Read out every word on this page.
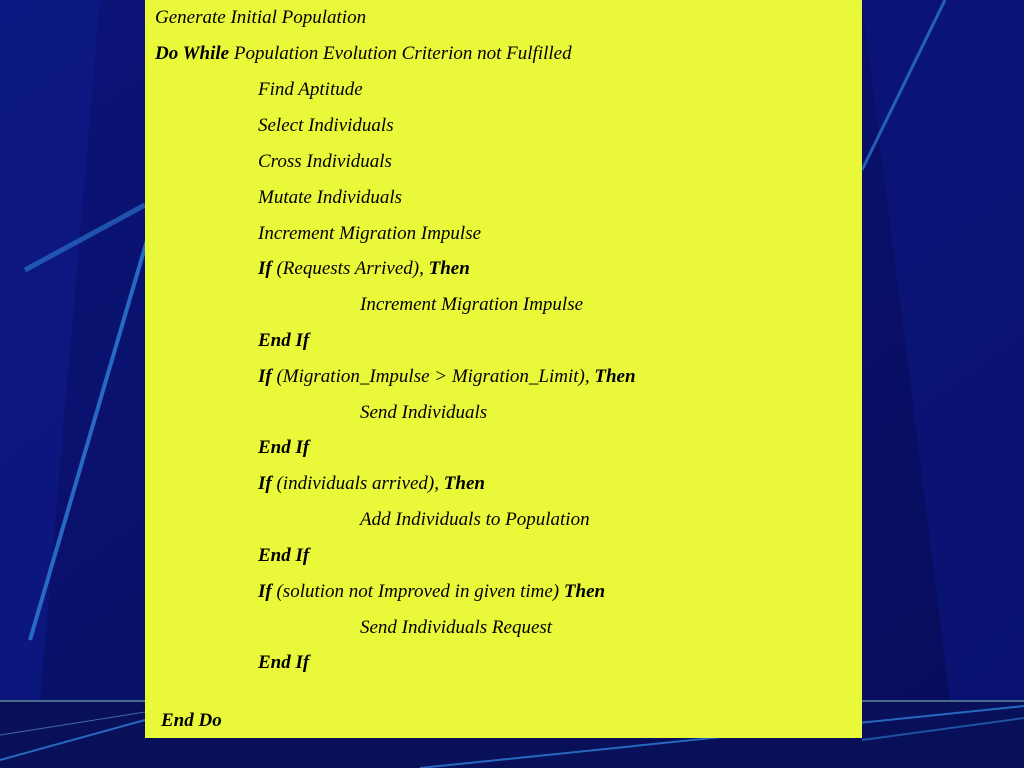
Generate Initial Population
Do While Population Evolution Criterion not Fulfilled
Find Aptitude
Select Individuals
Cross Individuals
Mutate Individuals
Increment Migration Impulse
If (Requests Arrived), Then
Increment Migration Impulse
End If
If (Migration_Impulse > Migration_Limit), Then
Send Individuals
End If
If (individuals arrived), Then
Add Individuals to Population
End If
If (solution not Improved in given time) Then
Send Individuals Request
End If
End Do
